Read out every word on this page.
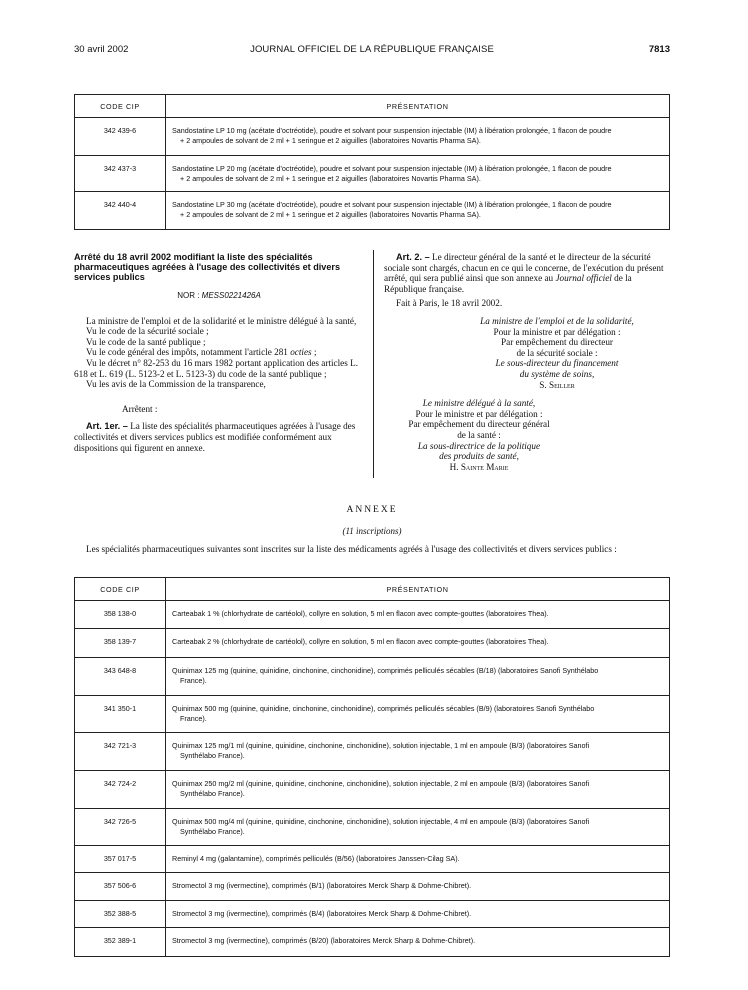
30 avril 2002	JOURNAL OFFICIEL DE LA RÉPUBLIQUE FRANÇAISE	7813
CODE CIP	PRÉSENTATION
342 439-6	Sandostatine LP 10 mg (acétate d'octréotide), poudre et solvant pour suspension injectable (IM) à libération prolongée, 1 flacon de poudre
+ 2 ampoules de solvant de 2 ml + 1 seringue et 2 aiguilles (laboratoires Novartis Pharma SA).

342 437-3	Sandostatine LP 20 mg (acétate d'octréotide), poudre et solvant pour suspension injectable (IM) à libération prolongée, 1 flacon de poudre
+ 2 ampoules de solvant de 2 ml + 1 seringue et 2 aiguilles (laboratoires Novartis Pharma SA).

342 440-4	Sandostatine LP 30 mg (acétate d'octréotide), poudre et solvant pour suspension injectable (IM) à libération prolongée, 1 flacon de poudre
+ 2 ampoules de solvant de 2 ml + 1 seringue et 2 aiguilles (laboratoires Novartis Pharma SA).

Arrêté du 18 avril 2002 modifiant la liste des spécialités pharmaceutiques agréées à l'usage des collectivités et divers services publics

NOR : MESS0221426A

La ministre de l'emploi et de la solidarité et le ministre délégué à la santé,

Vu le code de la sécurité sociale ;

Vu le code de la santé publique ;

Vu le code général des impôts, notamment l'article 281 octies ;

Vu le décret n° 82-253 du 16 mars 1982 portant application des articles L. 618 et L. 619 (L. 5123-2 et L. 5123-3) du code de la santé publique ;

Vu les avis de la Commission de la transparence,

Arrêtent :

Art. 1er. – La liste des spécialités pharmaceutiques agréées à l'usage des collectivités et divers services publics est modifiée conformément aux dispositions qui figurent en annexe.

Art. 2. – Le directeur général de la santé et le directeur de la sécurité sociale sont chargés, chacun en ce qui le concerne, de l'exécution du présent arrêté, qui sera publié ainsi que son annexe au Journal officiel de la République française.

Fait à Paris, le 18 avril 2002.

La ministre de l'emploi et de la solidarité,

Pour la ministre et par délégation :

Par empêchement du directeur

de la sécurité sociale :

Le sous-directeur du financement

du système de soins,

S. Seiller

Le ministre délégué à la santé,

Pour le ministre et par délégation :

Par empêchement du directeur général

de la santé :

La sous-directrice de la politique

des produits de santé,

H. Sainte Marie

ANNEXE
(11 inscriptions)
Les spécialités pharmaceutiques suivantes sont inscrites sur la liste des médicaments agréés à l'usage des collectivités et divers services publics :
CODE CIP	PRÉSENTATION
358 138-0	Carteabak 1 % (chlorhydrate de cartéolol), collyre en solution, 5 ml en flacon avec compte-gouttes (laboratoires Thea).

358 139-7	Carteabak 2 % (chlorhydrate de cartéolol), collyre en solution, 5 ml en flacon avec compte-gouttes (laboratoires Thea).

343 648-8	Quinimax 125 mg (quinine, quinidine, cinchonine, cinchonidine), comprimés pelliculés sécables (B/18) (laboratoires Sanofi Synthélabo
France).

341 350-1	Quinimax 500 mg (quinine, quinidine, cinchonine, cinchonidine), comprimés pelliculés sécables (B/9) (laboratoires Sanofi Synthélabo
France).

342 721-3	Quinimax 125 mg/1 ml (quinine, quinidine, cinchonine, cinchonidine), solution injectable, 1 ml en ampoule (B/3) (laboratoires Sanofi
Synthélabo France).

342 724-2	Quinimax 250 mg/2 ml (quinine, quinidine, cinchonine, cinchonidine), solution injectable, 2 ml en ampoule (B/3) (laboratoires Sanofi
Synthélabo France).

342 726-5	Quinimax 500 mg/4 ml (quinine, quinidine, cinchonine, cinchonidine), solution injectable, 4 ml en ampoule (B/3) (laboratoires Sanofi
Synthélabo France).

357 017-5	Reminyl 4 mg (galantamine), comprimés pelliculés (B/56) (laboratoires Janssen-Cilag SA).

357 506-6	Stromectol 3 mg (ivermectine), comprimés (B/1) (laboratoires Merck Sharp & Dohme-Chibret).

352 388-5	Stromectol 3 mg (ivermectine), comprimés (B/4) (laboratoires Merck Sharp & Dohme-Chibret).

352 389-1	Stromectol 3 mg (ivermectine), comprimés (B/20) (laboratoires Merck Sharp & Dohme-Chibret).
